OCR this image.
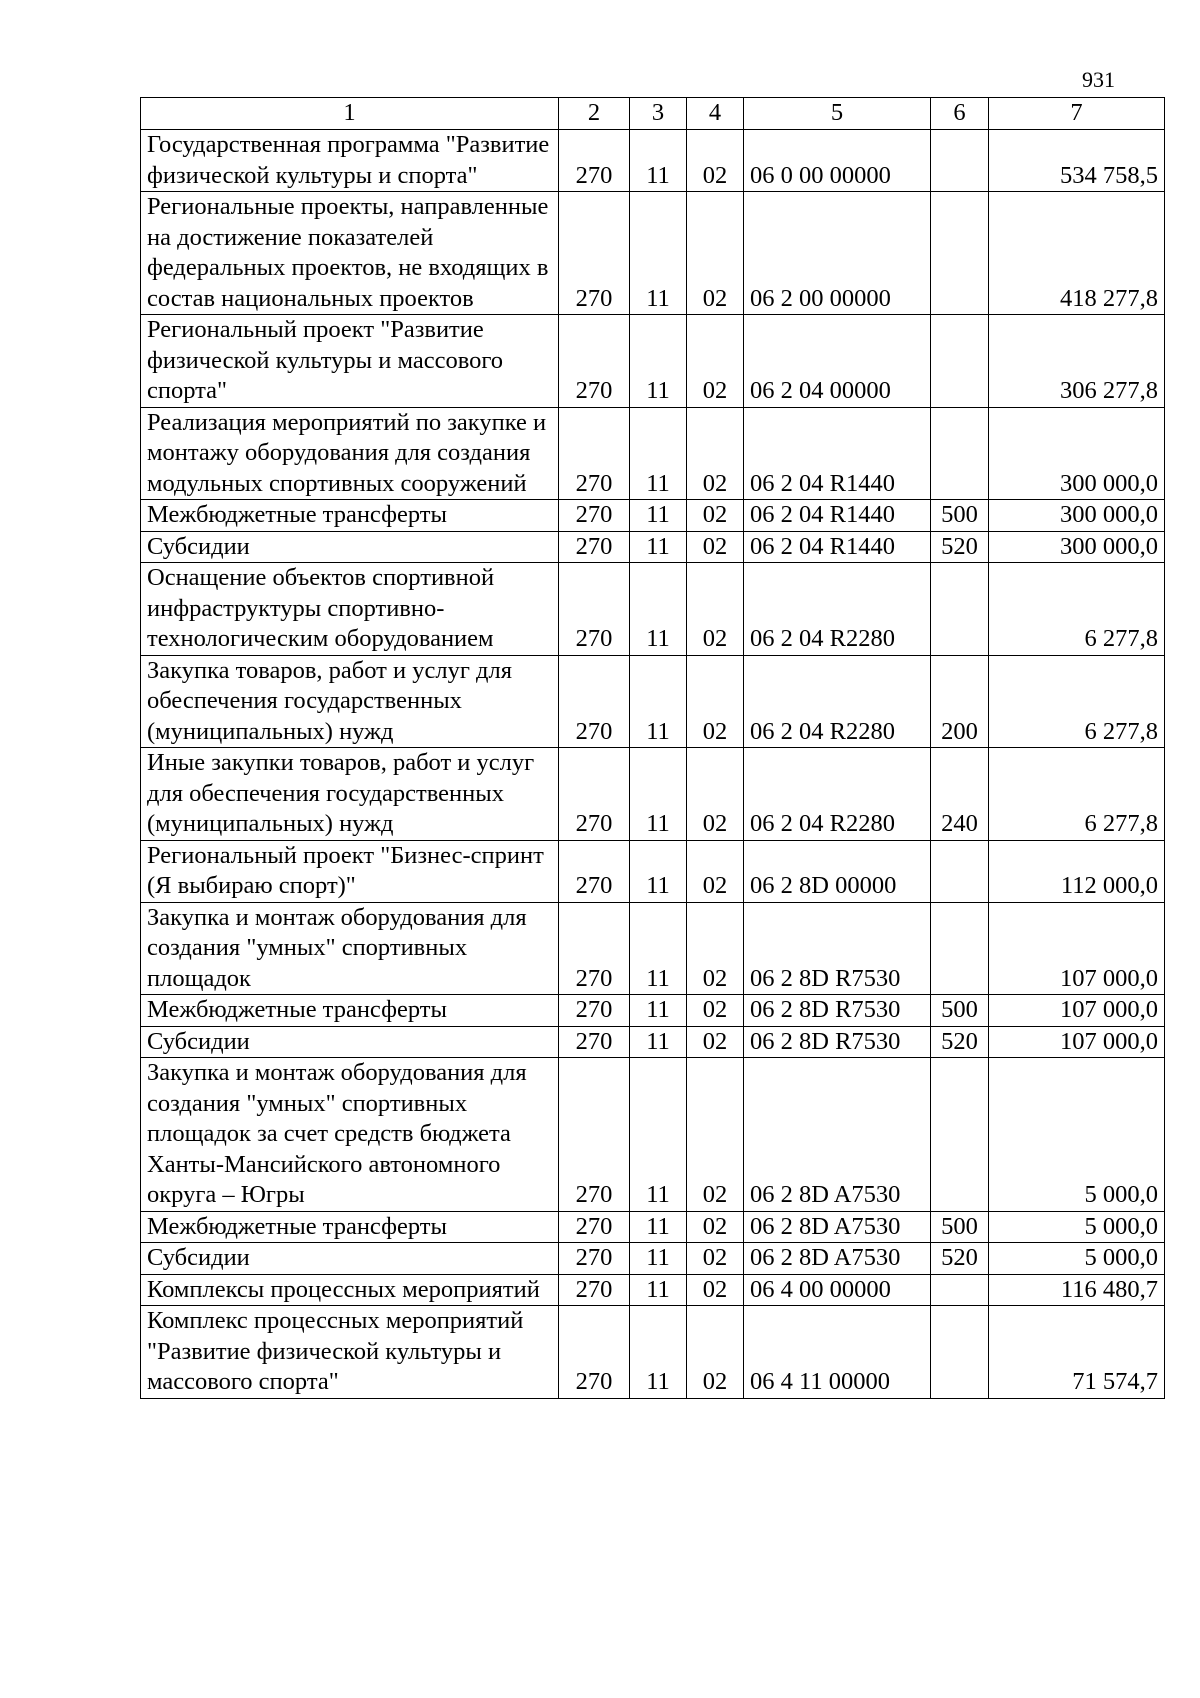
931
1	2	3	4	5	6	7
Государственная программа "Развитие физической культуры и спорта"	270	11	02	06 0 00 00000		534 758,5
Региональные проекты, направленные на достижение показателей федеральных проектов, не входящих в состав национальных проектов	270	11	02	06 2 00 00000		418 277,8
Региональный проект "Развитие физической культуры и массового спорта"	270	11	02	06 2 04 00000		306 277,8
Реализация мероприятий по закупке и монтажу оборудования для создания модульных спортивных сооружений	270	11	02	06 2 04 R1440		300 000,0
Межбюджетные трансферты	270	11	02	06 2 04 R1440	500	300 000,0
Субсидии	270	11	02	06 2 04 R1440	520	300 000,0
Оснащение объектов спортивной инфраструктуры спортивно-технологическим оборудованием	270	11	02	06 2 04 R2280		6 277,8
Закупка товаров, работ и услуг для обеспечения государственных (муниципальных) нужд	270	11	02	06 2 04 R2280	200	6 277,8
Иные закупки товаров, работ и услуг для обеспечения государственных (муниципальных) нужд	270	11	02	06 2 04 R2280	240	6 277,8
Региональный проект "Бизнес-спринт (Я выбираю спорт)"	270	11	02	06 2 8D 00000		112 000,0
Закупка и монтаж оборудования для создания "умных" спортивных площадок	270	11	02	06 2 8D R7530		107 000,0
Межбюджетные трансферты	270	11	02	06 2 8D R7530	500	107 000,0
Субсидии	270	11	02	06 2 8D R7530	520	107 000,0
Закупка и монтаж оборудования для создания "умных" спортивных площадок за счет средств бюджета Ханты-Мансийского автономного округа – Югры	270	11	02	06 2 8D A7530		5 000,0
Межбюджетные трансферты	270	11	02	06 2 8D A7530	500	5 000,0
Субсидии	270	11	02	06 2 8D A7530	520	5 000,0
Комплексы процессных мероприятий	270	11	02	06 4 00 00000		116 480,7
Комплекс процессных мероприятий "Развитие физической культуры и массового спорта"	270	11	02	06 4 11 00000		71 574,7
